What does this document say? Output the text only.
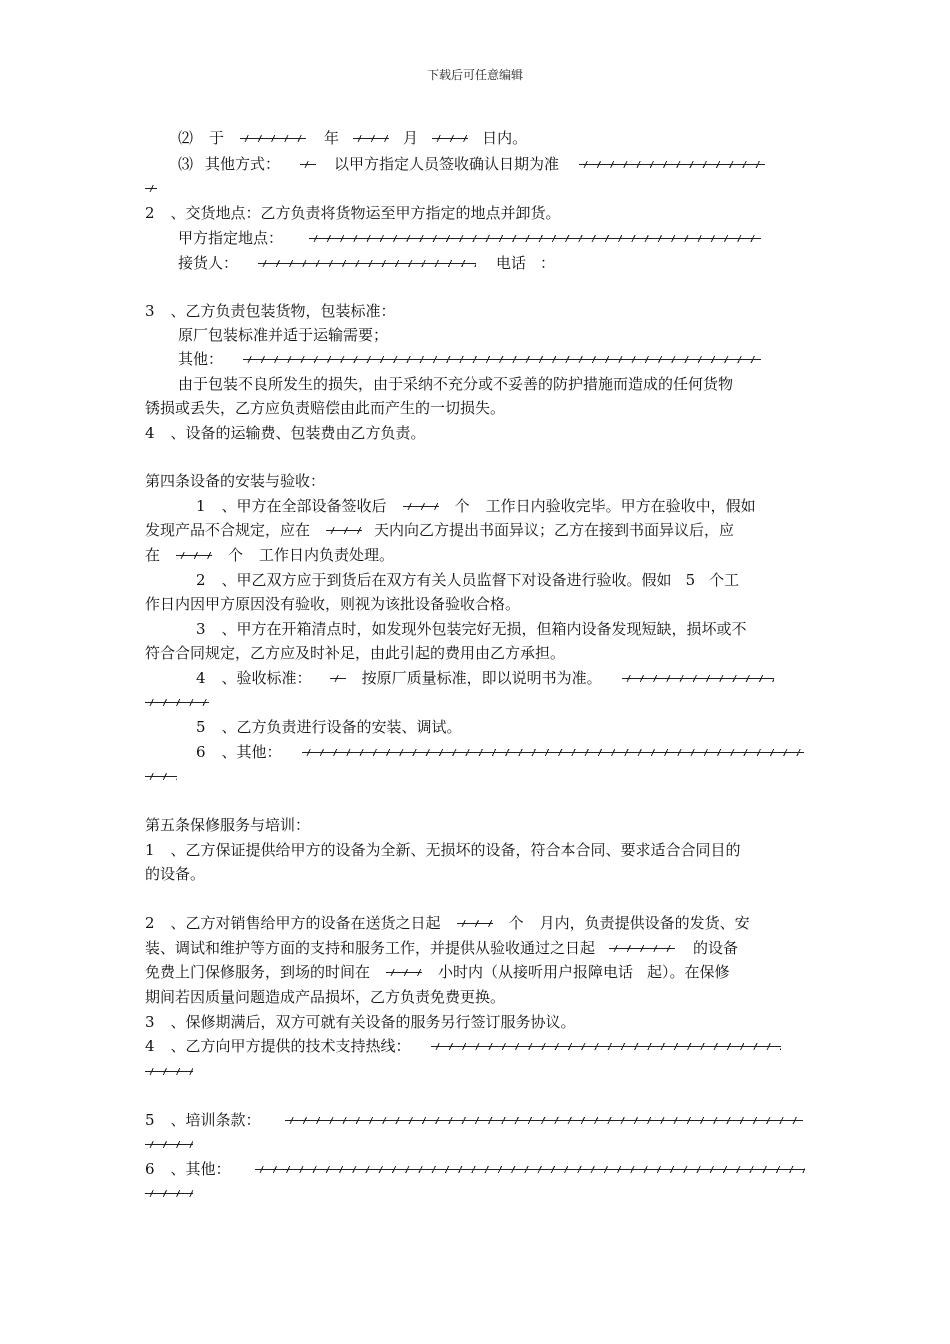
下载后可任意编辑
⑵ 于	年	月	日内。
⑶ 其他方式：	以甲方指定人员签收确认日期为准
2 、交货地点：乙方负责将货物运至甲方指定的地点并卸货。
甲方指定地点：
接货人：	电话 ：
3 、乙方负责包装货物，包装标准：
原厂包装标准并适于运输需要；
其他：
由于包装不良所发生的损失，由于采纳不充分或不妥善的防护措施而造成的任何货物
锈损或丢失，乙方应负责赔偿由此而产生的一切损失。
4 、设备的运输费、包装费由乙方负责。
第四条设备的安装与验收：
1 、甲方在全部设备签收后	个 工作日内验收完毕。甲方在验收中，假如
发现产品不合规定，应在	天内向乙方提出书面异议；乙方在接到书面异议后，应
在	个 工作日内负责处理。
2 、甲乙双方应于到货后在双方有关人员监督下对设备进行验收。假如 5 个工
作日内因甲方原因没有验收，则视为该批设备验收合格。
3 、甲方在开箱清点时，如发现外包装完好无损，但箱内设备发现短缺，损坏或不
符合合同规定，乙方应及时补足，由此引起的费用由乙方承担。
4 、验收标准：	按原厂质量标准，即以说明书为准。
5 、乙方负责进行设备的安装、调试。
6 、其他：
第五条保修服务与培训：
1 、乙方保证提供给甲方的设备为全新、无损坏的设备，符合本合同、要求适合合同目的
的设备。
2 、乙方对销售给甲方的设备在送货之日起	个 月内，负责提供设备的发货、安
装、调试和维护等方面的支持和服务工作，并提供从验收通过之日起	的设备
免费上门保修服务，到场的时间在	小时内（从接听用户报障电话 起）。在保修
期间若因质量问题造成产品损坏，乙方负责免费更换。
3 、保修期满后，双方可就有关设备的服务另行签订服务协议。
4 、乙方向甲方提供的技术支持热线：
5 、培训条款：
6 、其他：
